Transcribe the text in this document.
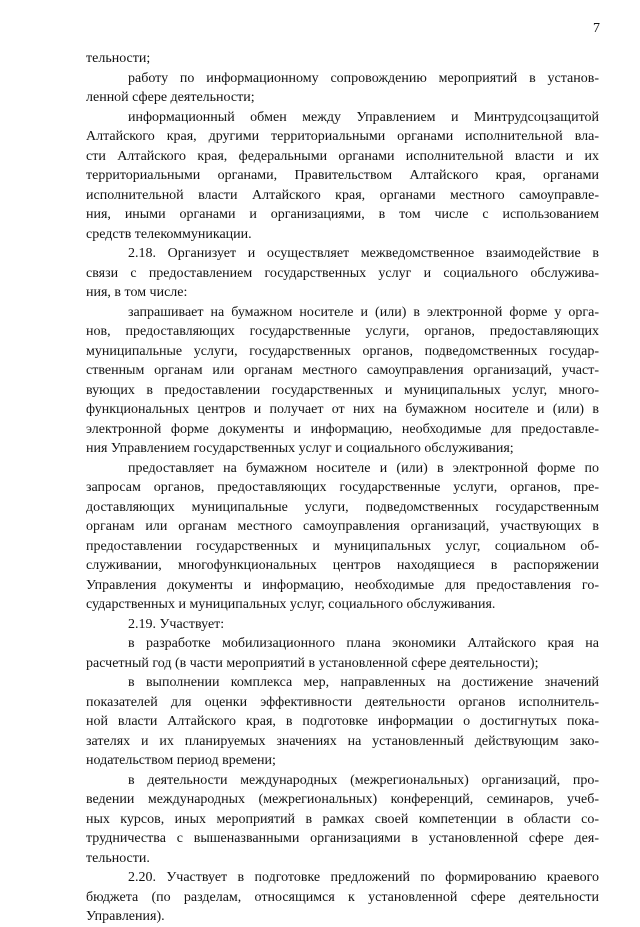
7
тельности;
работу по информационному сопровождению мероприятий в установ-
ленной сфере деятельности;
информационный обмен между Управлением и Минтрудсоцзащитой
Алтайского края, другими территориальными органами исполнительной вла-
сти Алтайского края, федеральными органами исполнительной власти и их
территориальными органами, Правительством Алтайского края, органами
исполнительной власти Алтайского края, органами местного самоуправле-
ния, иными органами и организациями, в том числе с использованием
средств телекоммуникации.
2.18. Организует и осуществляет межведомственное взаимодействие в
связи с предоставлением государственных услуг и социального обслужива-
ния, в том числе:
запрашивает на бумажном носителе и (или) в электронной форме у орга-
нов, предоставляющих государственные услуги, органов, предоставляющих
муниципальные услуги, государственных органов, подведомственных государ-
ственным органам или органам местного самоуправления организаций, участ-
вующих в предоставлении государственных и муниципальных услуг, много-
функциональных центров и получает от них на бумажном носителе и (или) в
электронной форме документы и информацию, необходимые для предоставле-
ния Управлением государственных услуг и социального обслуживания;
предоставляет на бумажном носителе и (или) в электронной форме по
запросам органов, предоставляющих государственные услуги, органов, пре-
доставляющих муниципальные услуги, подведомственных государственным
органам или органам местного самоуправления организаций, участвующих в
предоставлении государственных и муниципальных услуг, социальном об-
служивании, многофункциональных центров находящиеся в распоряжении
Управления документы и информацию, необходимые для предоставления го-
сударственных и муниципальных услуг, социального обслуживания.
2.19. Участвует:
в разработке мобилизационного плана экономики Алтайского края на
расчетный год (в части мероприятий в установленной сфере деятельности);
в выполнении комплекса мер, направленных на достижение значений
показателей для оценки эффективности деятельности органов исполнитель-
ной власти Алтайского края, в подготовке информации о достигнутых пока-
зателях и их планируемых значениях на установленный действующим зако-
нодательством период времени;
в деятельности международных (межрегиональных) организаций, про-
ведении международных (межрегиональных) конференций, семинаров, учеб-
ных курсов, иных мероприятий в рамках своей компетенции в области со-
трудничества с вышеназванными организациями в установленной сфере дея-
тельности.
2.20. Участвует в подготовке предложений по формированию краевого
бюджета (по разделам, относящимся к установленной сфере деятельности
Управления).
